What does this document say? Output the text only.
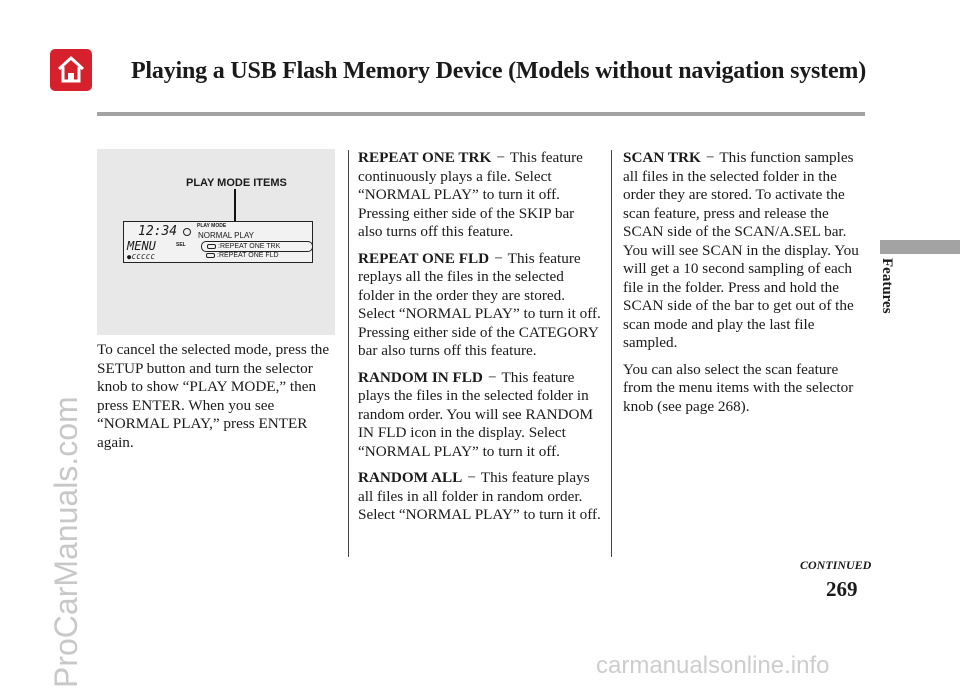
Playing a USB Flash Memory Device (Models without navigation system)
Features
ProCarManuals.com	carmanualsonline.info
PLAY MODE ITEMS
12:34
MENU
●CCCCC
PLAY MODE
NORMAL PLAY
SEL	:REPEAT ONE TRK
:REPEAT ONE FLD

To cancel the selected mode, press the SETUP button and turn the selector knob to show “PLAY MODE,” then press ENTER. When you see “NORMAL PLAY,” press ENTER again.

REPEAT ONE TRK − This feature continuously plays a file. Select “NORMAL PLAY” to turn it off. Pressing either side of the SKIP bar also turns off this feature.

REPEAT ONE FLD − This feature replays all the files in the selected folder in the order they are stored. Select “NORMAL PLAY” to turn it off. Pressing either side of the CATEGORY bar also turns off this feature.

RANDOM IN FLD − This feature plays the files in the selected folder in random order. You will see RANDOM IN FLD icon in the display. Select “NORMAL PLAY” to turn it off.

RANDOM ALL − This feature plays all files in all folder in random order. Select “NORMAL PLAY” to turn it off.

SCAN TRK − This function samples all files in the selected folder in the order they are stored. To activate the scan feature, press and release the SCAN side of the SCAN/A.SEL bar. You will see SCAN in the display. You will get a 10 second sampling of each file in the folder. Press and hold the SCAN side of the bar to get out of the scan mode and play the last file sampled.

You can also select the scan feature from the menu items with the selector knob (see page 268).

CONTINUED
269
